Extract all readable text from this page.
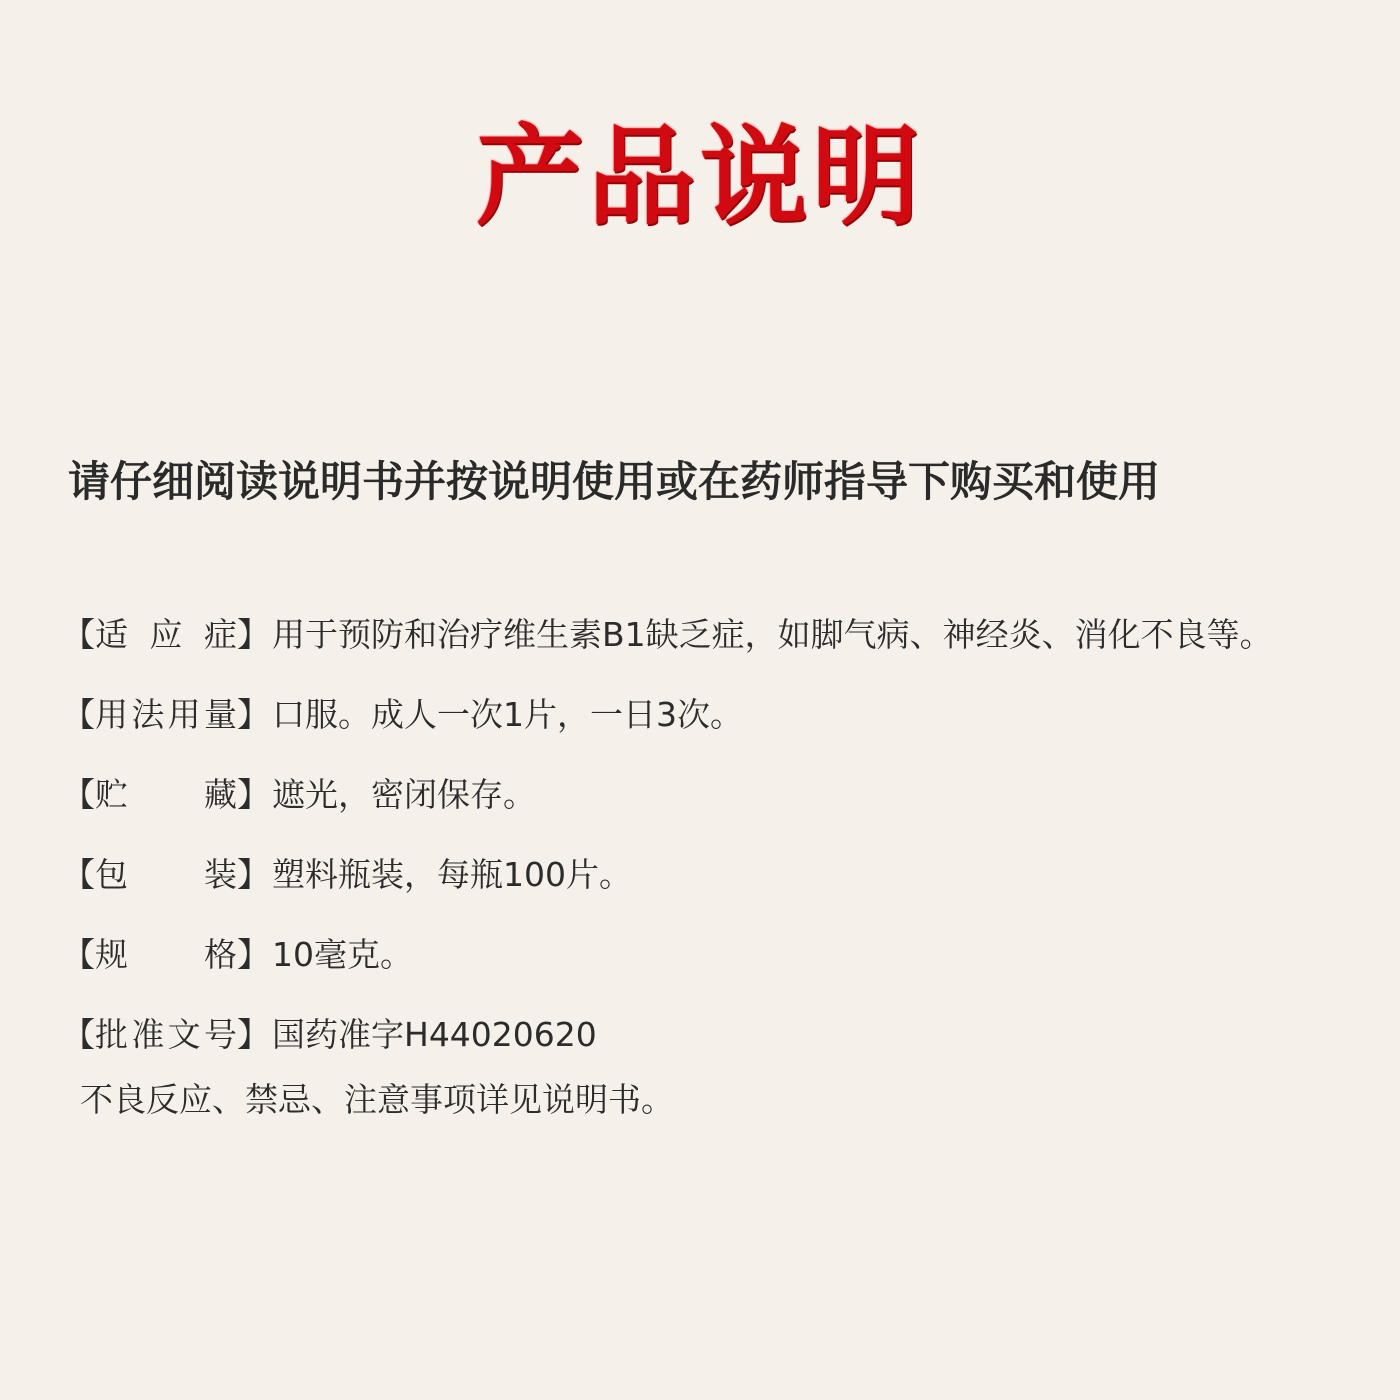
产品说明
请仔细阅读说明书并按说明使用或在药师指导下购买和使用
【 适应症 】 用于预防和治疗维生素B1缺乏症，如脚气病、神经炎、消化不良等。
【 用法用量 】 口服。成人一次1片，一日3次。
【 贮藏 】 遮光，密闭保存。
【 包装 】 塑料瓶装，每瓶100片。
【 规格 】 10毫克。
【 批准文号 】 国药准字H44020620
不良反应、禁忌、注意事项详见说明书。
